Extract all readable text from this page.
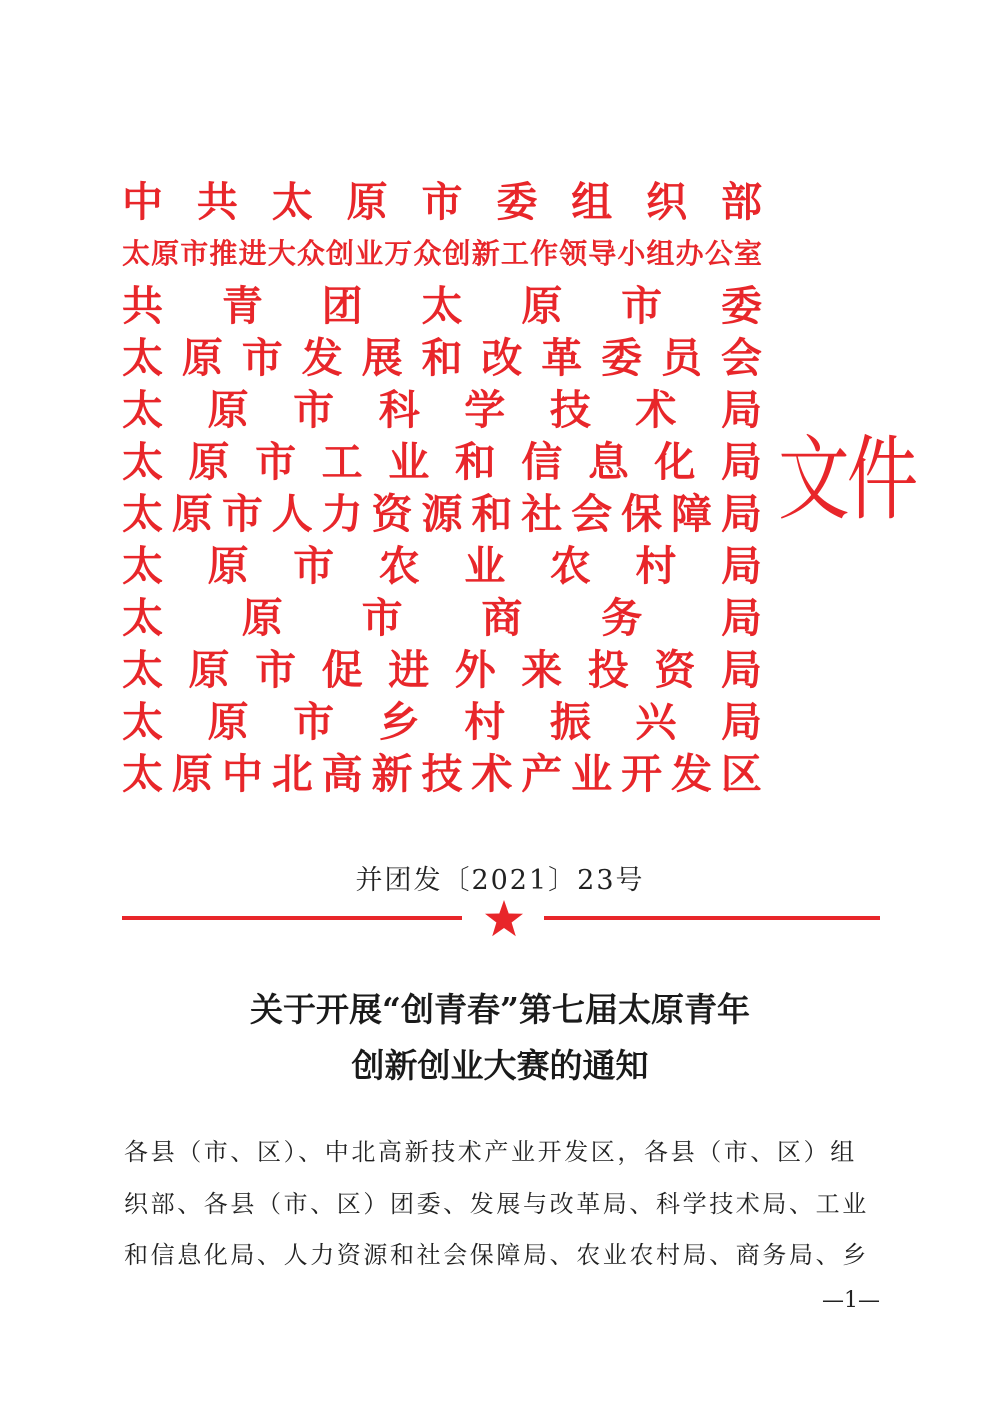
中 共 太 原 市 委 组 织 部
太 原 市 推 进 大 众 创 业 万 众 创 新 工 作 领 导 小 组 办 公 室
共 青 团 太 原 市 委
太 原 市 发 展 和 改 革 委 员 会
太 原 市 科 学 技 术 局
太 原 市 工 业 和 信 息 化 局
太 原 市 人 力 资 源 和 社 会 保 障 局
太 原 市 农 业 农 村 局
太 原 市 商 务 局
太 原 市 促 进 外 来 投 资 局
太 原 市 乡 村 振 兴 局
太 原 中 北 高 新 技 术 产 业 开 发 区
文件
并团发〔2021〕23号
关于开展“创青春”第七届太原青年
创新创业大赛的通知
各县（市、区）、中北高新技术产业开发区，各县（市、区）组
织部、各县（市、区）团委、发展与改革局、科学技术局、工业
和信息化局、人力资源和社会保障局、农业农村局、商务局、乡
—1—
